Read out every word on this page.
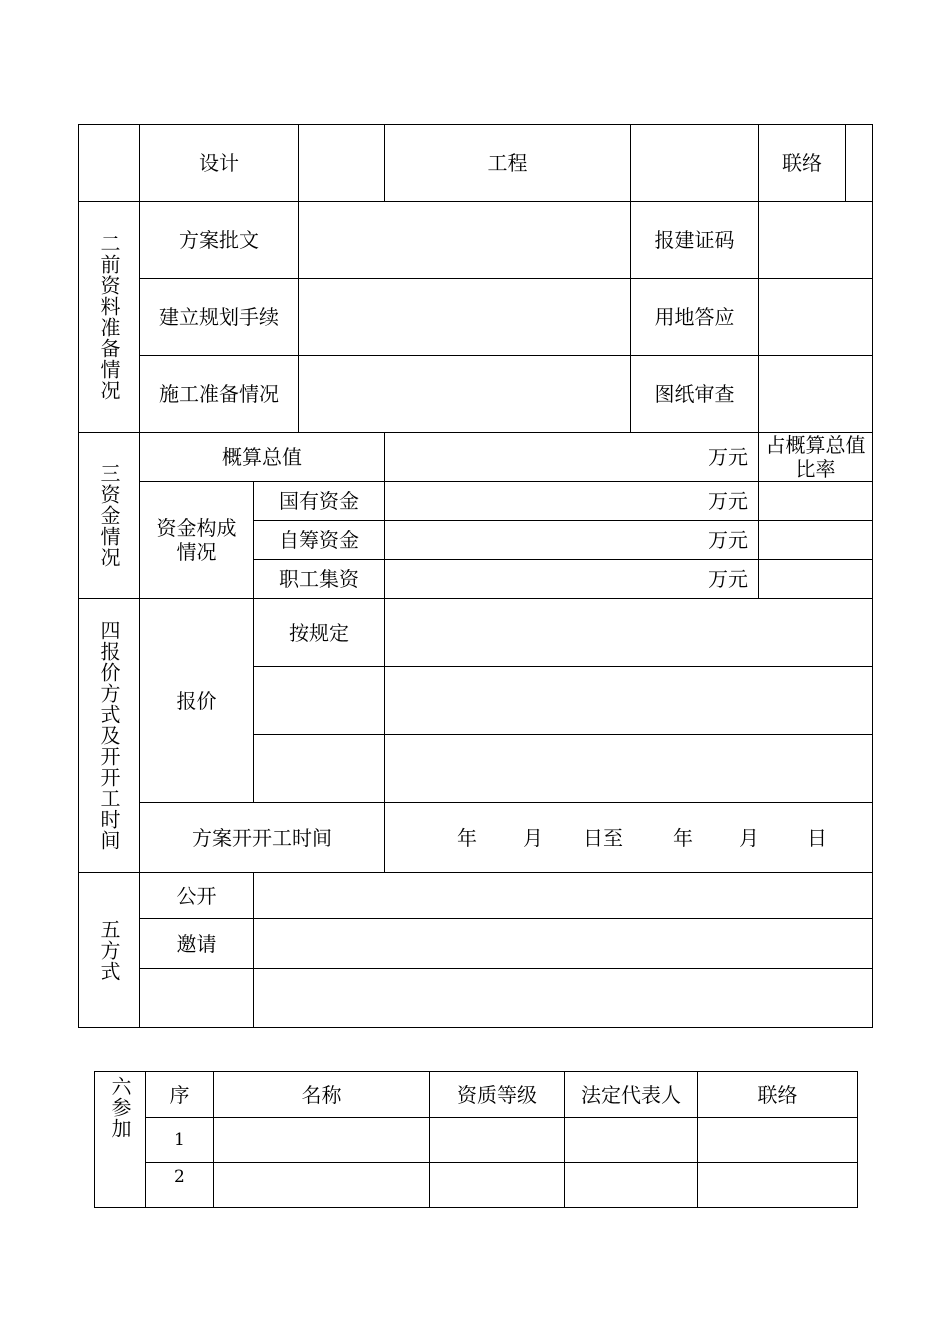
	设计			工程		联络	

二前资料准备情况	方案批文				报建证码		
	建立规划手续				用地答应		
	施工准备情况				图纸审查		

三资金情况	概算总值			万元		占概算总值比率	
	资金构成情况	国有资金		万元			
		自筹资金		万元			
		职工集资		万元			

四报价方式及开开工时间	报价	按规定					

	方案开开工时间			年 月 日至 年 月 日			

五方式	公开						
	邀请						

六参加	序	名称	资质等级	法定代表人	联络
	1				
	2				
